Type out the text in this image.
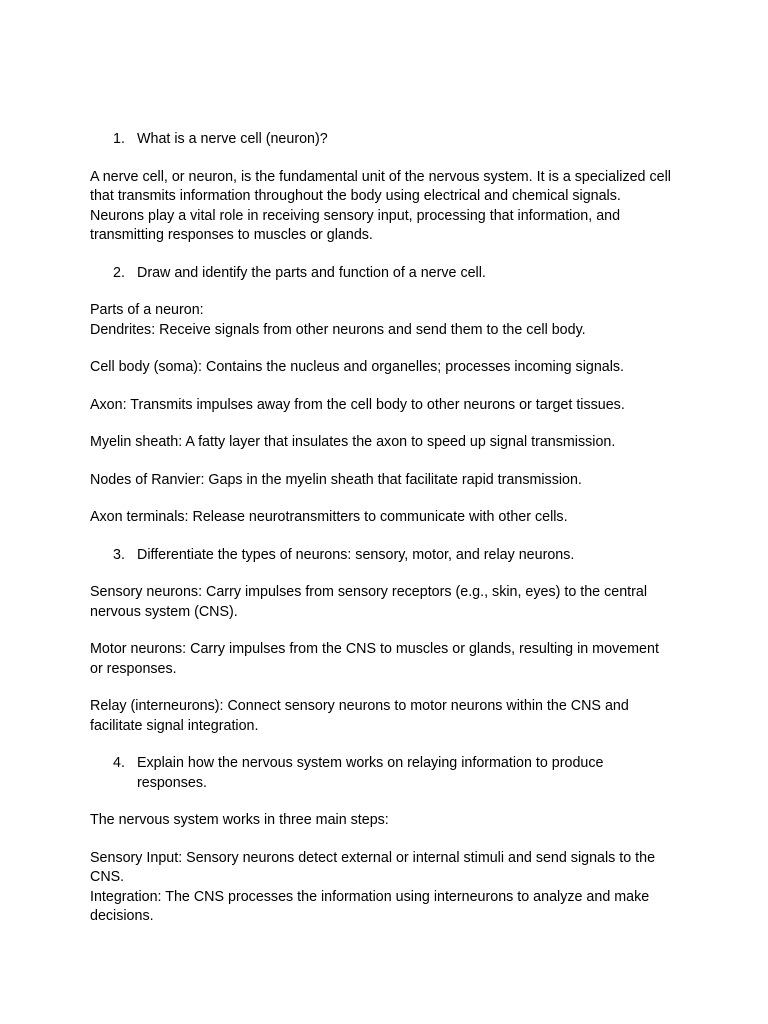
1. What is a nerve cell (neuron)?

A nerve cell, or neuron, is the fundamental unit of the nervous system. It is a specialized cell that transmits information throughout the body using electrical and chemical signals. Neurons play a vital role in receiving sensory input, processing that information, and transmitting responses to muscles or glands.

2. Draw and identify the parts and function of a nerve cell.

Parts of a neuron:

Dendrites: Receive signals from other neurons and send them to the cell body.

Cell body (soma): Contains the nucleus and organelles; processes incoming signals.

Axon: Transmits impulses away from the cell body to other neurons or target tissues.

Myelin sheath: A fatty layer that insulates the axon to speed up signal transmission.

Nodes of Ranvier: Gaps in the myelin sheath that facilitate rapid transmission.

Axon terminals: Release neurotransmitters to communicate with other cells.

3. Differentiate the types of neurons: sensory, motor, and relay neurons.

Sensory neurons: Carry impulses from sensory receptors (e.g., skin, eyes) to the central nervous system (CNS).

Motor neurons: Carry impulses from the CNS to muscles or glands, resulting in movement or responses.

Relay (interneurons): Connect sensory neurons to motor neurons within the CNS and facilitate signal integration.

4. Explain how the nervous system works on relaying information to produce responses.

The nervous system works in three main steps:

Sensory Input: Sensory neurons detect external or internal stimuli and send signals to the CNS.

Integration: The CNS processes the information using interneurons to analyze and make decisions.
